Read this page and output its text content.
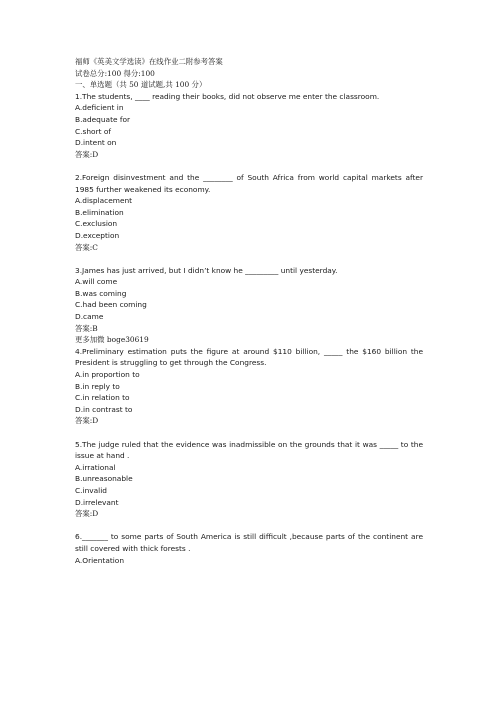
福师《英美文学选读》在线作业二附参考答案
试卷总分:100 得分:100
一、单选题（共 50 道试题,共 100 分）
1.The students, ____ reading their books, did not observe me enter the classroom.
A.deficient in
B.adequate for
C.short of
D.intent on
答案:D
2.Foreign disinvestment and the ________ of South Africa from world capital markets after 1985 further weakened its economy.
A.displacement
B.elimination
C.exclusion
D.exception
答案:C
3.James has just arrived, but I didn’t know he _________ until yesterday.
A.will come
B.was coming
C.had been coming
D.came
答案:B
更多加微 boge30619
4.Preliminary estimation puts the figure at around $110 billion, _____ the $160 billion the President is struggling to get through the Congress.
A.in proportion to
B.in reply to
C.in relation to
D.in contrast to
答案:D
5.The judge ruled that the evidence was inadmissible on the grounds that it was _____ to the issue at hand .
A.irrational
B.unreasonable
C.invalid
D.irrelevant
答案:D
6._______ to some parts of South America is still difficult ,because parts of the continent are still covered with thick forests .
A.Orientation
